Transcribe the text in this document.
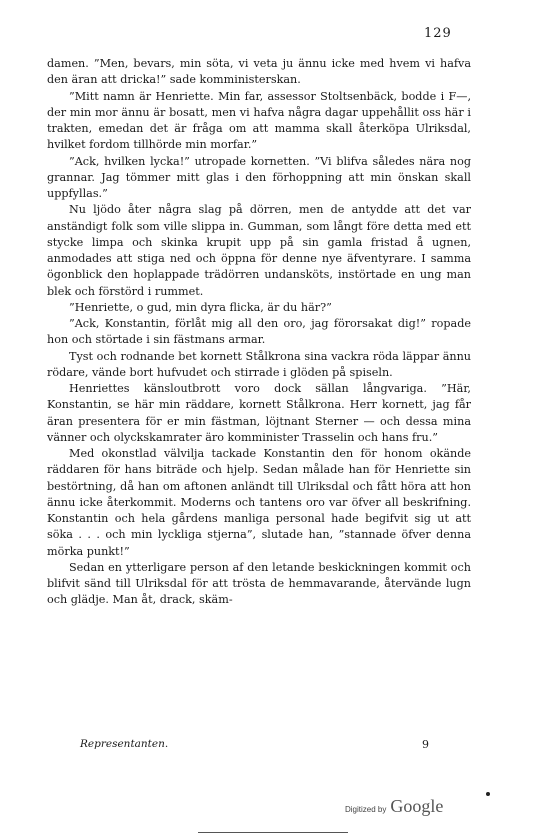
129

damen. ”Men, bevars, min söta, vi veta ju ännu icke med hvem vi hafva den äran att dricka!” sade komministerskan.

”Mitt namn är Henriette. Min far, assessor Stoltsenbäck, bodde i F—, der min mor ännu är bosatt, men vi hafva några dagar uppehållit oss här i trakten, emedan det är fråga om att mamma skall återköpa Ulriksdal, hvilket fordom tillhörde min morfar.”

”Ack, hvilken lycka!” utropade kornetten. ”Vi blifva således nära nog grannar. Jag tömmer mitt glas i den förhoppning att min önskan skall uppfyllas.”

Nu ljödo åter några slag på dörren, men de antydde att det var anständigt folk som ville slippa in. Gumman, som långt före detta med ett stycke limpa och skinka krupit upp på sin gamla fristad å ugnen, anmodades att stiga ned och öppna för denne nye äfventyrare. I samma ögonblick den hoplappade trädörren undansköts, instörtade en ung man blek och förstörd i rummet.

”Henriette, o gud, min dyra flicka, är du här?”

”Ack, Konstantin, förlåt mig all den oro, jag förorsakat dig!” ropade hon och störtade i sin fästmans armar.

Tyst och rodnande bet kornett Stålkrona sina vackra röda läppar ännu rödare, vände bort hufvudet och stirrade i glöden på spiseln.

Henriettes känsloutbrott voro dock sällan långvariga. ”Här, Konstantin, se här min räddare, kornett Stålkrona. Herr kornett, jag får äran presentera för er min fästman, löjtnant Sterner — och dessa mina vänner och olyckskamrater äro komminister Trasselin och hans fru.”

Med okonstlad välvilja tackade Konstantin den för honom okände räddaren för hans biträde och hjelp. Sedan målade han för Henriette sin bestörtning, då han om aftonen anländt till Ulriksdal och fått höra att hon ännu icke återkommit. Moderns och tantens oro var öfver all beskrifning. Konstantin och hela gårdens manliga personal hade begifvit sig ut att söka . . . och min lyckliga stjerna”, slutade han, ”stannade öfver denna mörka punkt!”

Sedan en ytterligare person af den letande beskickningen kommit och blifvit sänd till Ulriksdal för att trösta de hemmavarande, återvände lugn och glädje. Man åt, drack, skäm-

Representanten.	9
Digitized by Google
